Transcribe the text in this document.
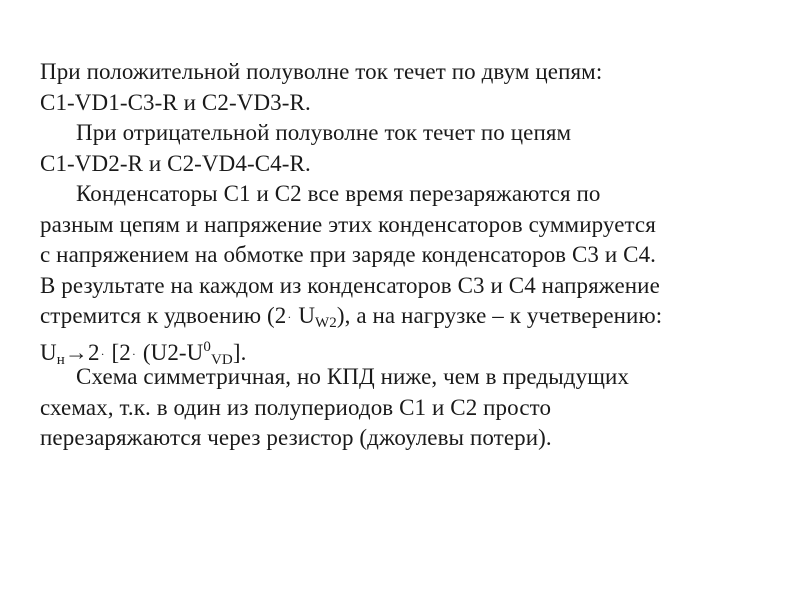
При положительной полуволне ток течет по двум цепям:
C1-VD1-C3-R и C2-VD3-R.
При отрицательной полуволне ток течет по цепям
C1-VD2-R и C2-VD4-C4-R.
Конденсаторы C1 и C2 все время перезаряжаются по
разным цепям и напряжение этих конденсаторов суммируется
с напряжением на обмотке при заряде конденсаторов C3 и C4.
В результате на каждом из конденсаторов C3 и C4 напряжение
стремится к удвоению $(2\cdot U_{W2})$, а на нагрузке – к учетверению:
$U_н\to 2\cdot [2\cdot (U2-U^0_{VD}]$.
Схема симметричная, но КПД ниже, чем в предыдущих
схемах, т.к. в один из полупериодов C1 и C2 просто
перезаряжаются через резистор (джоулевы потери).
